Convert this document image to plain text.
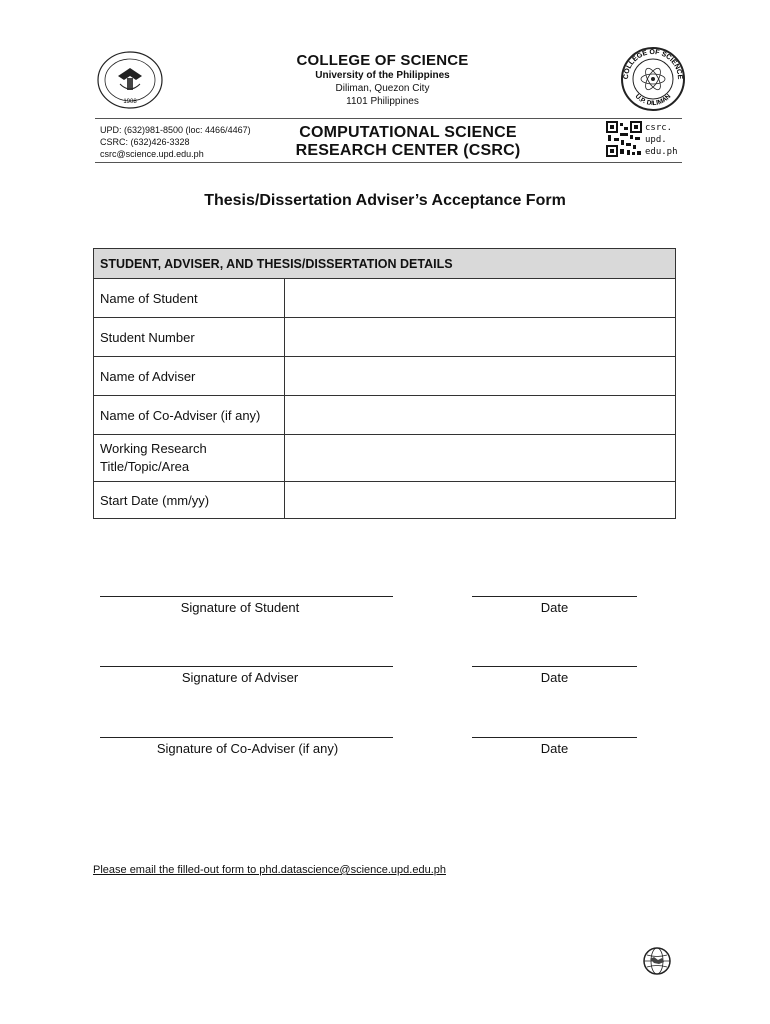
1908
COLLEGE OF SCIENCE
University of the Philippines
Diliman, Quezon City
1101 Philippines
COLLEGE OF SCIENCE
U.P. DILIMAN
UPD: (632)981-8500 (loc: 4466/4467)
CSRC: (632)426-3328
csrc@science.upd.edu.ph
COMPUTATIONAL SCIENCE
RESEARCH CENTER (CSRC)
csrc.
upd.
edu.ph
Thesis/Dissertation Adviser’s Acceptance Form
STUDENT, ADVISER, AND THESIS/DISSERTATION DETAILS	
Name of Student	
Student Number	
Name of Adviser	
Name of Co-Adviser (if any)	

Working Research
Title/Topic/Area	

Start Date (mm/yy)	
Signature of Student	Date
Signature of Adviser	Date
Signature of Co-Adviser (if any)	Date
Please email the filled-out form to phd.datascience@science.upd.edu.ph
